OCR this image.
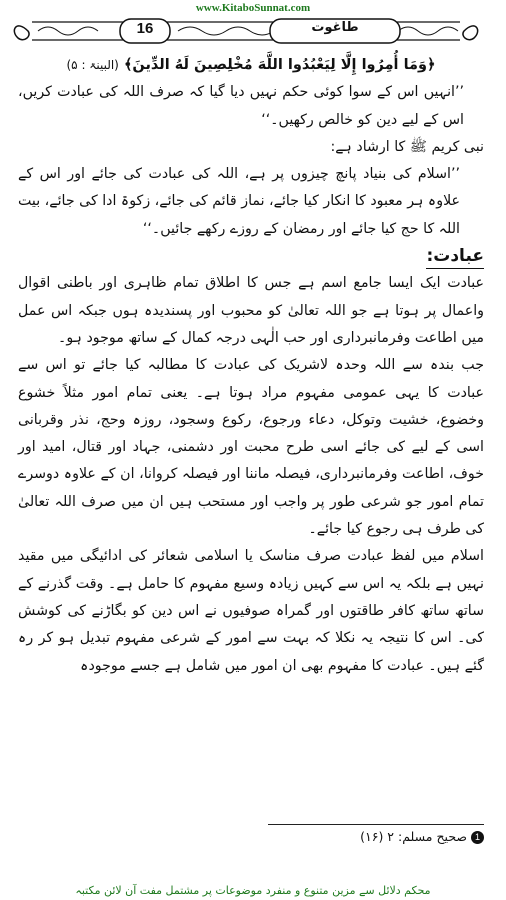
www.KitaboSunnat.com
16	طاغوت

﴿وَمَا أُمِرُوا إِلَّا لِيَعْبُدُوا اللَّهَ مُخْلِصِينَ لَهُ الدِّينَ﴾ (البینۃ : ۵)

’’انہیں اس کے سوا کوئی حکم نہیں دیا گیا کہ صرف اللہ کی عبادت کریں، اس کے لیے دین کو خالص رکھیں۔‘‘

نبی کریم ﷺ کا ارشاد ہے:

’’اسلام کی بنیاد پانچ چیزوں پر ہے، اللہ کی عبادت کی جائے اور اس کے علاوہ ہر معبود کا انکار کیا جائے، نماز قائم کی جائے، زکوۃ ادا کی جائے، بیت اللہ کا حج کیا جائے اور رمضان کے روزے رکھے جائیں۔‘‘

عبادت:

عبادت ایک ایسا جامع اسم ہے جس کا اطلاق تمام ظاہری اور باطنی اقوال واعمال پر ہوتا ہے جو اللہ تعالیٰ کو محبوب اور پسندیدہ ہوں جبکہ اس عمل میں اطاعت وفرمانبرداری اور حب الٰہی درجہ کمال کے ساتھ موجود ہو۔

جب بندہ سے اللہ وحدہ لاشریک کی عبادت کا مطالبہ کیا جائے تو اس سے عبادت کا یہی عمومی مفہوم مراد ہوتا ہے۔ یعنی تمام امور مثلاً خشوع وخضوع، خشیت وتوکل، دعاء ورجوع، رکوع وسجود، روزہ وحج، نذر وقربانی اسی کے لیے کی جائے اسی طرح محبت اور دشمنی، جہاد اور قتال، امید اور خوف، اطاعت وفرمانبرداری، فیصلہ ماننا اور فیصلہ کروانا، ان کے علاوہ دوسرے تمام امور جو شرعی طور پر واجب اور مستحب ہیں ان میں صرف اللہ تعالیٰ کی طرف ہی رجوع کیا جائے۔

اسلام میں لفظ عبادت صرف مناسک یا اسلامی شعائر کی ادائیگی میں مقید نہیں ہے بلکہ یہ اس سے کہیں زیادہ وسیع مفہوم کا حامل ہے۔ وقت گذرنے کے ساتھ ساتھ کافر طاقتوں اور گمراہ صوفیوں نے اس دین کو بگاڑنے کی کوشش کی۔ اس کا نتیجہ یہ نکلا کہ بہت سے امور کے شرعی مفہوم تبدیل ہو کر رہ گئے ہیں۔ عبادت کا مفہوم بھی ان امور میں شامل ہے جسے موجودہ

1 صحیح مسلم: ۲ (۱۶)
محکم دلائل سے مزین متنوع و منفرد موضوعات پر مشتمل مفت آن لائن مکتبہ
